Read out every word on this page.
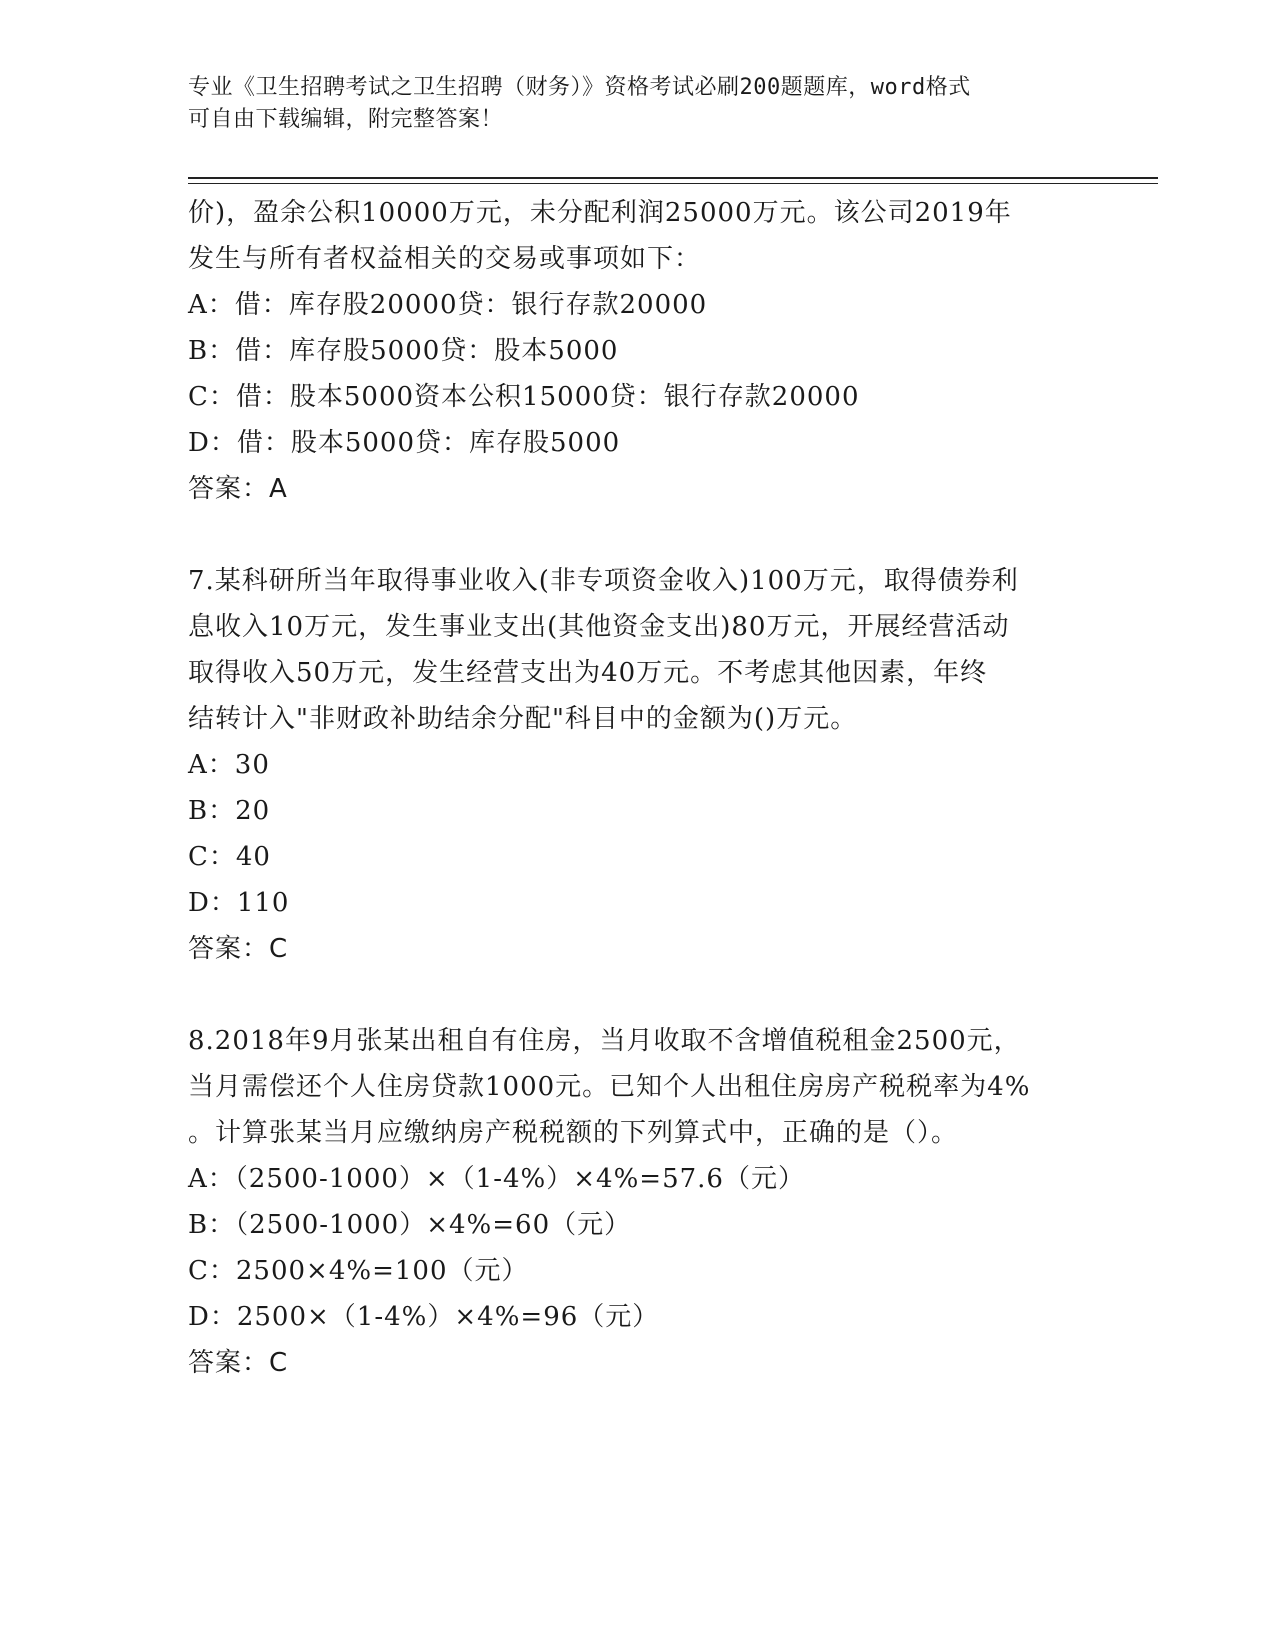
专业《卫生招聘考试之卫生招聘（财务）》资格考试必刷200题题库，word格式
可自由下载编辑，附完整答案！
价)，盈余公积10000万元，未分配利润25000万元。该公司2019年
发生与所有者权益相关的交易或事项如下：
A：借：库存股20000贷：银行存款20000
B：借：库存股5000贷：股本5000
C：借：股本5000资本公积15000贷：银行存款20000
D：借：股本5000贷：库存股5000
答案：A
7.某科研所当年取得事业收入(非专项资金收入)100万元，取得债券利
息收入10万元，发生事业支出(其他资金支出)80万元，开展经营活动
取得收入50万元，发生经营支出为40万元。不考虑其他因素，年终
结转计入"非财政补助结余分配"科目中的金额为()万元。
A：30
B：20
C：40
D：110
答案：C
8.2018年9月张某出租自有住房，当月收取不含增值税租金2500元，
当月需偿还个人住房贷款1000元。已知个人出租住房房产税税率为4%
。计算张某当月应缴纳房产税税额的下列算式中，正确的是（）。
A：（2500-1000）×（1-4%）×4%=57.6（元）
B：（2500-1000）×4%=60（元）
C：2500×4%=100（元）
D：2500×（1-4%）×4%=96（元）
答案：C
